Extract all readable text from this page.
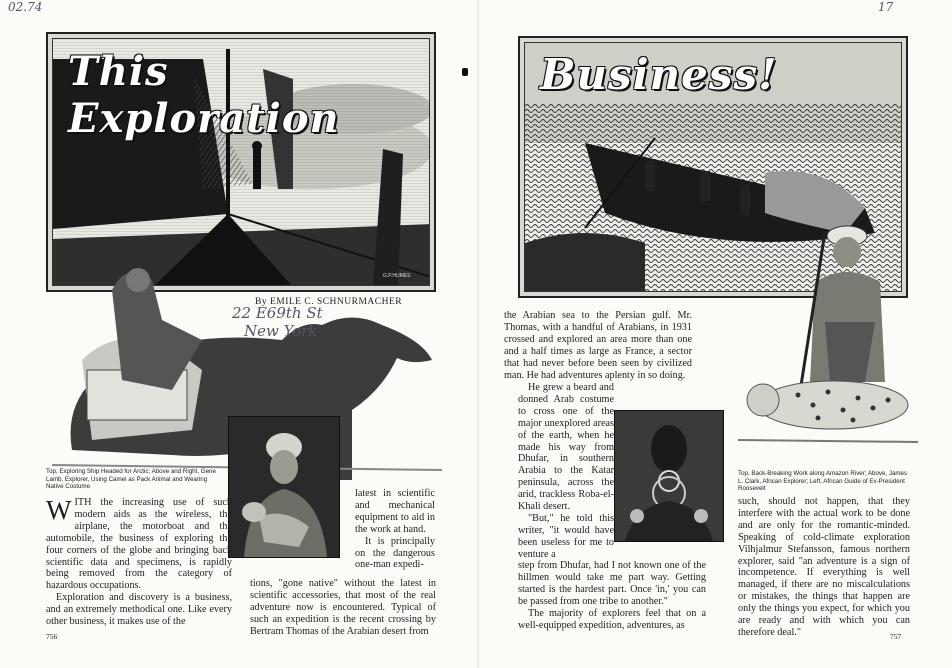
02.74
G.P.HUMES
This Exploration
22 E69th St
New York
By EMILE C. SCHNURMACHER
Top, Exploring Ship Headed for Arctic; Above and Right, Gene Lamb, Explorer, Using Camel as Pack Animal and Wearing Native Costume

WITH the increasing use of such modern aids as the wireless, the airplane, the motorboat and the automobile, the business of exploring the four corners of the globe and bringing back scientific data and specimens, is rapidly being removed from the category of hazardous occupations.

Exploration and discovery is a business, and an extremely methodical one. Like every other business, it makes use of the

latest in scientific and mechanical equipment to aid in the work at hand.

It is principally on the dangerous one-man expedi-

tions, "gone native" without the latest in scientific accessories, that most of the real adventure now is encountered. Typical of such an expedition is the recent crossing by Bertram Thomas of the Arabian desert from
756
17
Business!
the Arabian sea to the Persian gulf. Mr. Thomas, with a handful of Arabians, in 1931 crossed and explored an area more than one and a half times as large as France, a sector that had never before been seen by civilized man. He had adventures aplenty in so doing.

He grew a beard and donned Arab costume to cross one of the major unexplored areas of the earth, when he made his way from Dhufar, in southern Arabia to the Katar peninsula, across the arid, trackless Roba-el-Khali desert.

"But," he told this writer, "it would have been useless for me to venture a

step from Dhufar, had I not known one of the hillmen would take me part way. Getting started is the hardest part. Once 'in,' you can be passed from one tribe to another."

The majority of explorers feel that on a well-equipped expedition, adventures, as

Top, Back-Breaking Work along Amazon River; Above, James L. Clark, African Explorer; Left, African Guide of Ex-President Roosevelt
such, should not happen, that they interfere with the actual work to be done and are only for the romantic-minded. Speaking of cold-climate exploration Vilhjalmur Stefansson, famous northern explorer, said "an adventure is a sign of incompetence. If everything is well managed, if there are no miscalculations or mistakes, the things that happen are only the things you expect, for which you are ready and with which you can therefore deal."	757
